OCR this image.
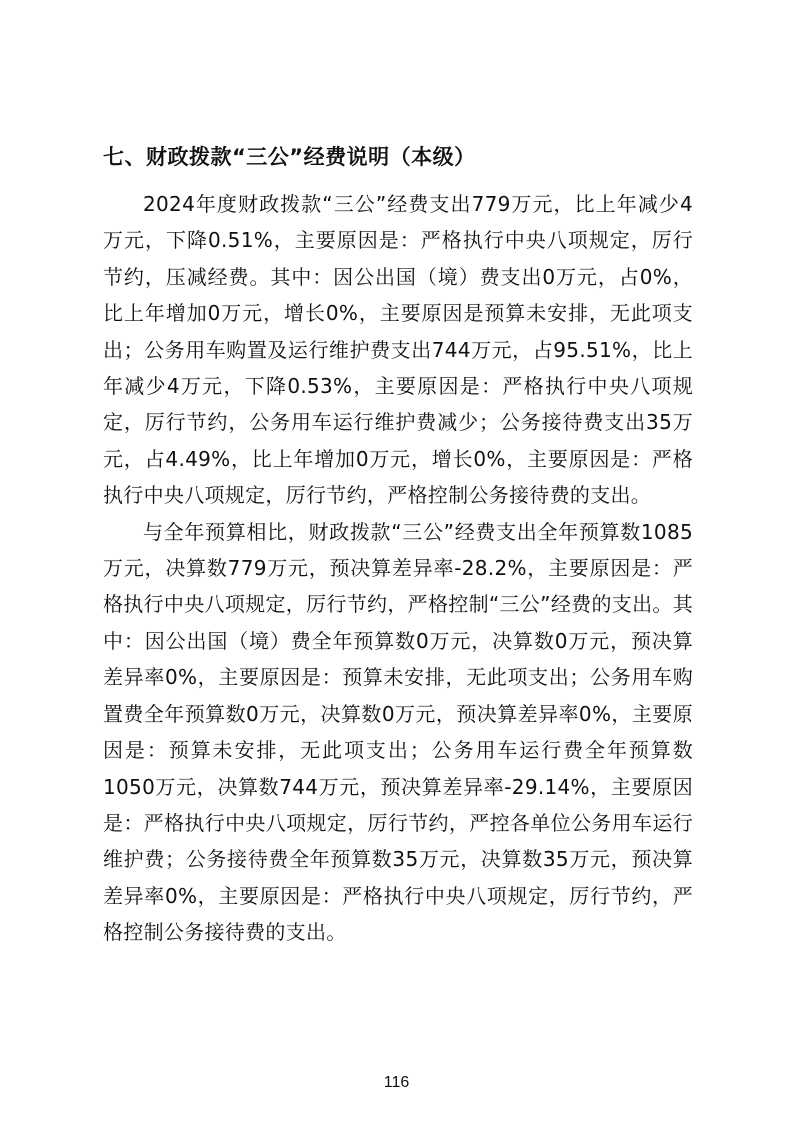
七、财政拨款“三公”经费说明（本级）

2024年度财政拨款“三公”经费支出779万元，比上年减少4万元，下降0.51%，主要原因是：严格执行中央八项规定，厉行节约，压减经费。其中：因公出国（境）费支出0万元，占0%，比上年增加0万元，增长0%，主要原因是预算未安排，无此项支出；公务用车购置及运行维护费支出744万元，占95.51%，比上年减少4万元，下降0.53%，主要原因是：严格执行中央八项规定，厉行节约，公务用车运行维护费减少；公务接待费支出35万元，占4.49%，比上年增加0万元，增长0%，主要原因是：严格执行中央八项规定，厉行节约，严格控制公务接待费的支出。

与全年预算相比，财政拨款“三公”经费支出全年预算数1085万元，决算数779万元，预决算差异率-28.2%，主要原因是：严格执行中央八项规定，厉行节约，严格控制“三公”经费的支出。其中：因公出国（境）费全年预算数0万元，决算数0万元，预决算差异率0%，主要原因是：预算未安排，无此项支出；公务用车购置费全年预算数0万元，决算数0万元，预决算差异率0%，主要原因是：预算未安排，无此项支出；公务用车运行费全年预算数1050万元，决算数744万元，预决算差异率-29.14%，主要原因是：严格执行中央八项规定，厉行节约，严控各单位公务用车运行维护费；公务接待费全年预算数35万元，决算数35万元，预决算差异率0%，主要原因是：严格执行中央八项规定，厉行节约，严格控制公务接待费的支出。

116
